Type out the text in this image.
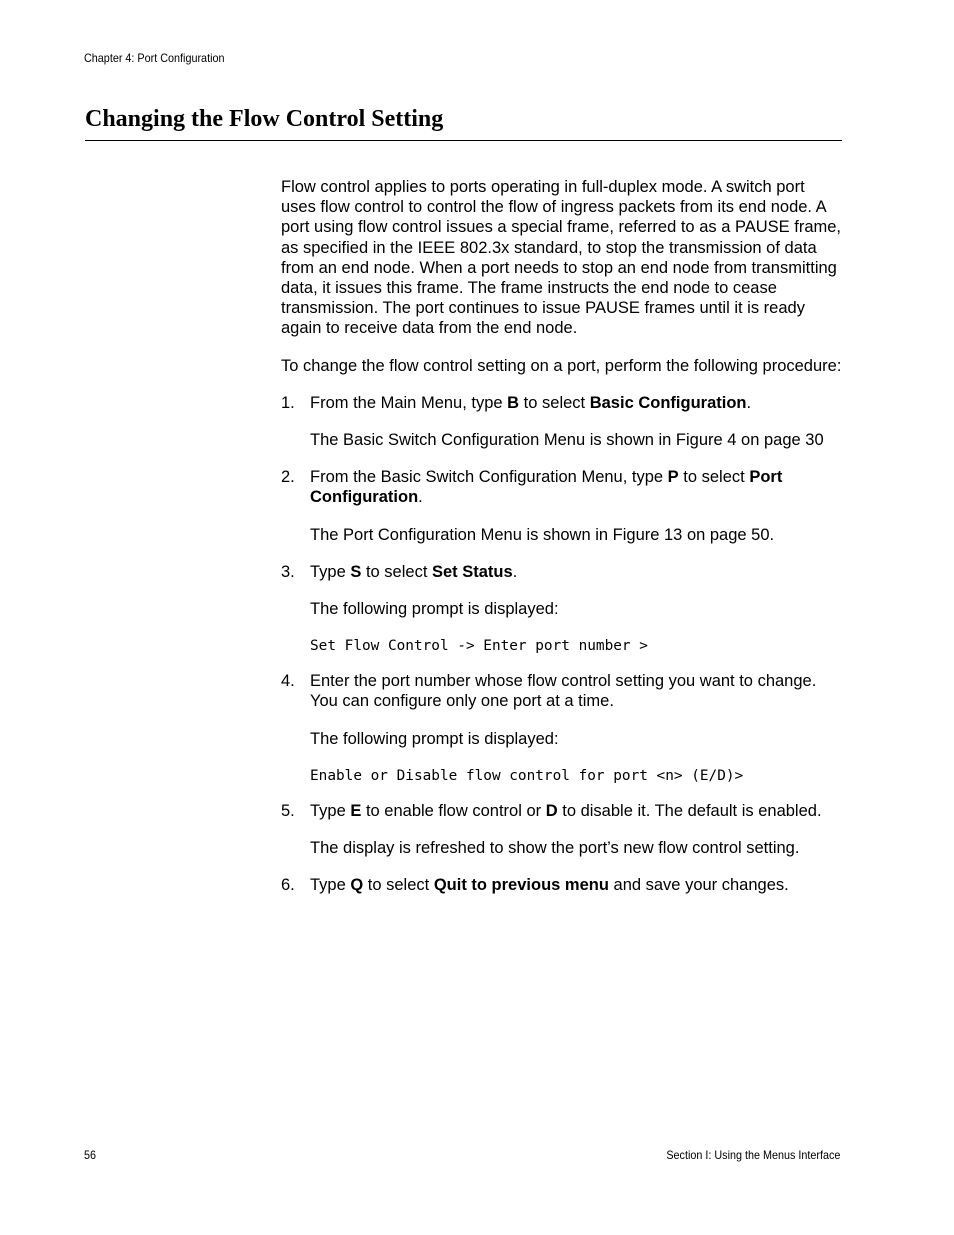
Chapter 4: Port Configuration
Changing the Flow Control Setting

Flow control applies to ports operating in full-duplex mode. A switch port uses flow control to control the flow of ingress packets from its end node. A port using flow control issues a special frame, referred to as a PAUSE frame, as specified in the IEEE 802.3x standard, to stop the transmission of data from an end node. When a port needs to stop an end node from transmitting data, it issues this frame. The frame instructs the end node to cease transmission. The port continues to issue PAUSE frames until it is ready again to receive data from the end node.

To change the flow control setting on a port, perform the following procedure:

1. From the Main Menu, type B to select Basic Configuration.

The Basic Switch Configuration Menu is shown in Figure 4 on page 30

2. From the Basic Switch Configuration Menu, type P to select Port Configuration.

The Port Configuration Menu is shown in Figure 13 on page 50.

3. Type S to select Set Status.

The following prompt is displayed:

Set Flow Control -> Enter port number >

4. Enter the port number whose flow control setting you want to change. You can configure only one port at a time.

The following prompt is displayed:

Enable or Disable flow control for port <n> (E/D)>

5. Type E to enable flow control or D to disable it. The default is enabled.

The display is refreshed to show the port’s new flow control setting.

6. Type Q to select Quit to previous menu and save your changes.
56	Section I: Using the Menus Interface
